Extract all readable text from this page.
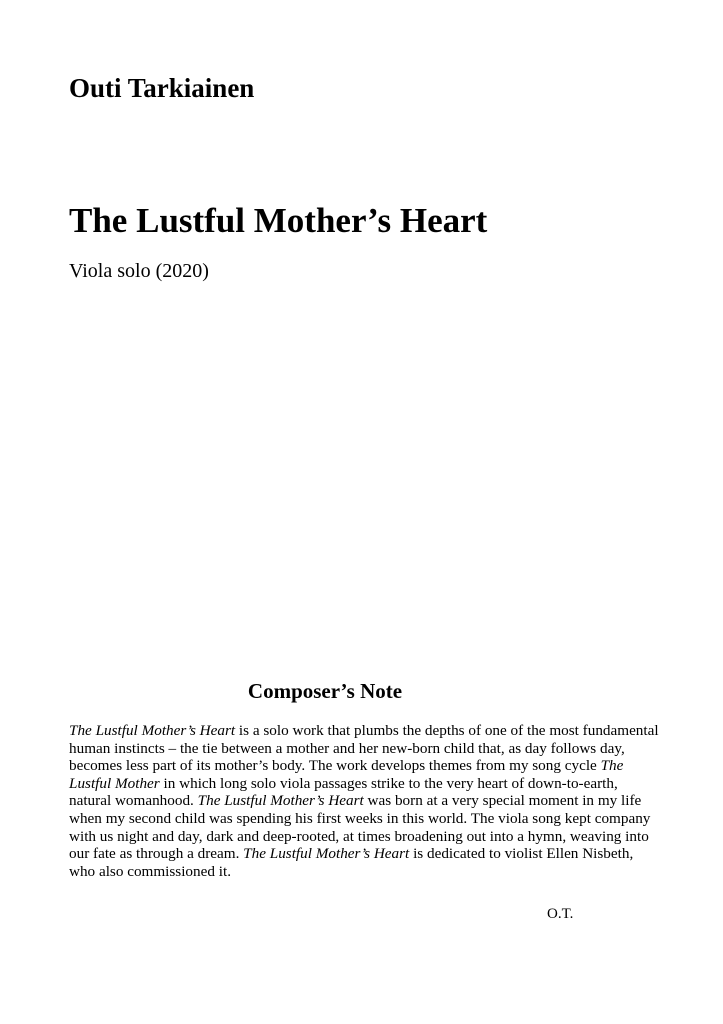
Outi Tarkiainen
The Lustful Mother’s Heart

Viola solo (2020)

Composer’s Note

The Lustful Mother’s Heart is a solo work that plumbs the depths of one of the most fundamental human instincts – the tie between a mother and her new-born child that, as day follows day, becomes less part of its mother’s body. The work develops themes from my song cycle The Lustful Mother in which long solo viola passages strike to the very heart of down-to-earth, natural womanhood. The Lustful Mother’s Heart was born at a very special moment in my life when my second child was spending his first weeks in this world. The viola song kept company with us night and day, dark and deep-rooted, at times broadening out into a hymn, weaving into our fate as through a dream. The Lustful Mother’s Heart is dedicated to violist Ellen Nisbeth, who also commissioned it.

O.T.
